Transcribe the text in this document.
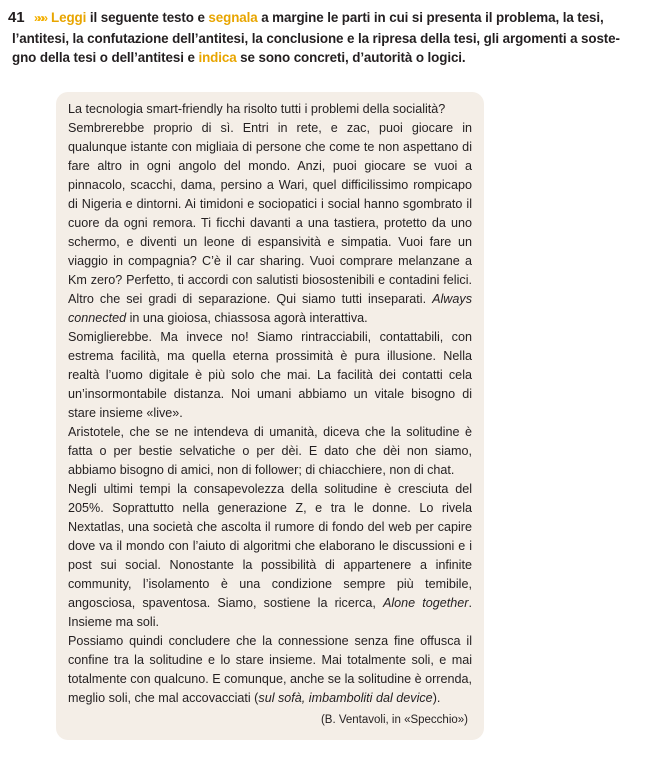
41 »»» Leggi il seguente testo e segnala a margine le parti in cui si presenta il problema, la tesi,
l’antitesi, la confutazione dell’antitesi, la conclusione e la ripresa della tesi, gli argomenti a soste-
gno della tesi o dell’antitesi e indica se sono concreti, d’autorità o logici.

La tecnologia smart-friendly ha risolto tutti i problemi della socialità?

Sembrerebbe proprio di sì. Entri in rete, e zac, puoi giocare in qualunque istante con migliaia di persone che come te non aspettano di fare altro in ogni angolo del mondo. Anzi, puoi giocare se vuoi a pinnacolo, scacchi, dama, persino a Wari, quel difficilissimo rompicapo di Nigeria e dintorni. Ai timidoni e sociopatici i social hanno sgombrato il cuore da ogni remora. Ti ficchi davanti a una tastiera, protetto da uno schermo, e diventi un leone di espansività e simpatia. Vuoi fare un viaggio in compagnia? C’è il car sharing. Vuoi comprare melanzane a Km zero? Perfetto, ti accordi con salutisti biosostenibili e contadini felici. Altro che sei gradi di separazione. Qui siamo tutti inseparati. Always connected in una gioiosa, chiassosa agorà interattiva.

Somiglierebbe. Ma invece no! Siamo rintracciabili, contattabili, con estrema facilità, ma quella eterna prossimità è pura illusione. Nella realtà l’uomo digitale è più solo che mai. La facilità dei contatti cela un’insormontabile distanza. Noi umani abbiamo un vitale bisogno di stare insieme «live».

Aristotele, che se ne intendeva di umanità, diceva che la solitudine è fatta o per bestie selvatiche o per dèi. E dato che dèi non siamo, abbiamo bisogno di amici, non di follower; di chiacchiere, non di chat.

Negli ultimi tempi la consapevolezza della solitudine è cresciuta del 205%. Soprattutto nella generazione Z, e tra le donne. Lo rivela Nextatlas, una società che ascolta il rumore di fondo del web per capire dove va il mondo con l’aiuto di algoritmi che elaborano le discussioni e i post sui social. Nonostante la possibilità di appartenere a infinite community, l’isolamento è una condizione sempre più temibile, angosciosa, spaventosa. Siamo, sostiene la ricerca, Alone together. Insieme ma soli.

Possiamo quindi concludere che la connessione senza fine offusca il confine tra la solitudine e lo stare insieme. Mai totalmente soli, e mai totalmente con qualcuno. E comunque, anche se la solitudine è orrenda, meglio soli, che mal accovacciati (sul sofà, imbamboliti dal device).

(B. Ventavoli, in «Specchio»)
